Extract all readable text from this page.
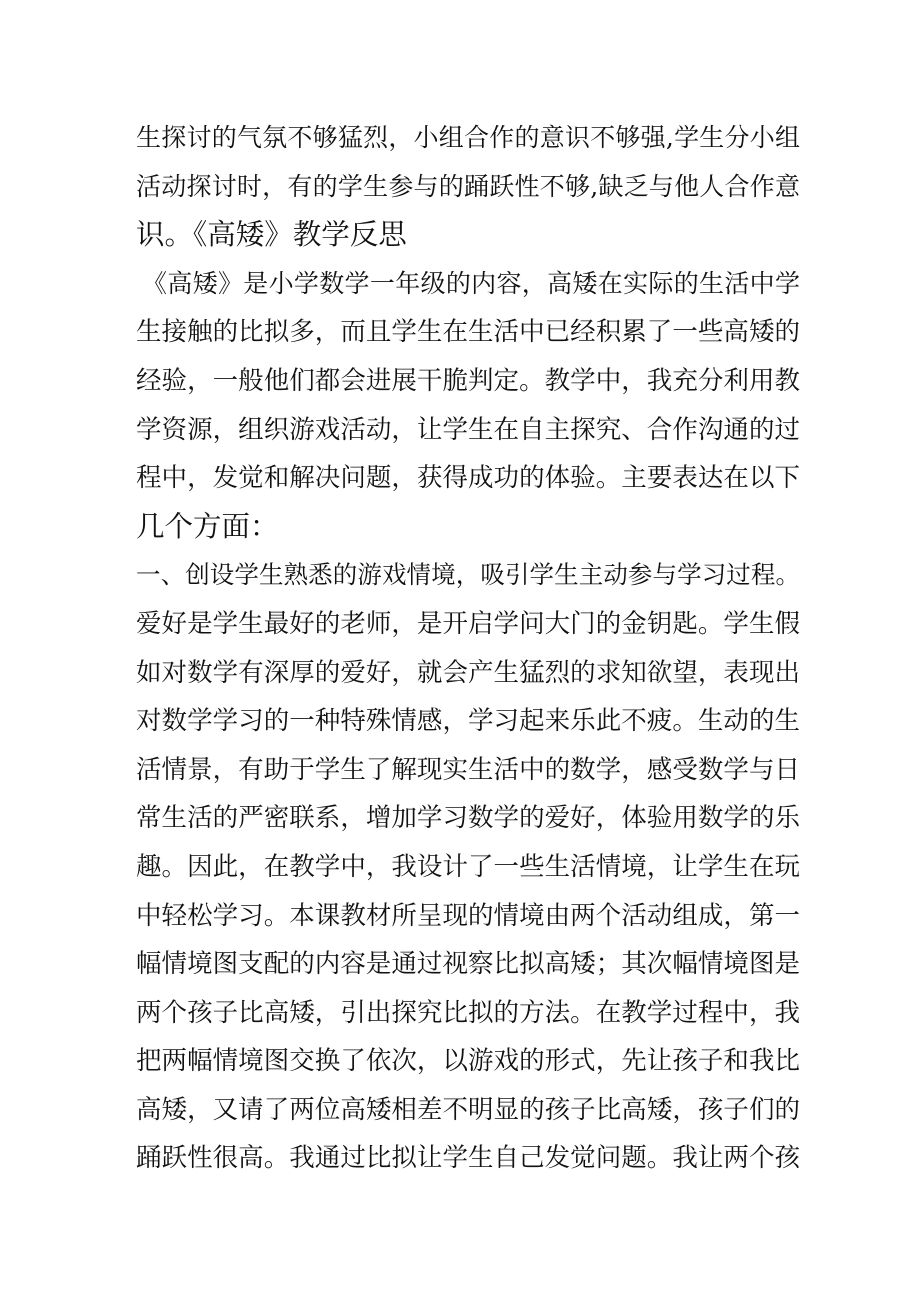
生探讨的气氛不够猛烈，小组合作的意识不够强,学生分小组
活动探讨时，有的学生参与的踊跃性不够,缺乏与他人合作意
识。《高矮》教学反思
《高矮》是小学数学一年级的内容，高矮在实际的生活中学
生接触的比拟多，而且学生在生活中已经积累了一些高矮的
经验，一般他们都会进展干脆判定。教学中，我充分利用教
学资源，组织游戏活动，让学生在自主探究、合作沟通的过
程中，发觉和解决问题，获得成功的体验。主要表达在以下
几个方面：
一、创设学生熟悉的游戏情境，吸引学生主动参与学习过程。
爱好是学生最好的老师，是开启学问大门的金钥匙。学生假
如对数学有深厚的爱好，就会产生猛烈的求知欲望，表现出
对数学学习的一种特殊情感，学习起来乐此不疲。生动的生
活情景，有助于学生了解现实生活中的数学，感受数学与日
常生活的严密联系，增加学习数学的爱好，体验用数学的乐
趣。因此，在教学中，我设计了一些生活情境，让学生在玩
中轻松学习。本课教材所呈现的情境由两个活动组成，第一
幅情境图支配的内容是通过视察比拟高矮；其次幅情境图是
两个孩子比高矮，引出探究比拟的方法。在教学过程中，我
把两幅情境图交换了依次，以游戏的形式，先让孩子和我比
高矮，又请了两位高矮相差不明显的孩子比高矮，孩子们的
踊跃性很高。我通过比拟让学生自己发觉问题。我让两个孩
